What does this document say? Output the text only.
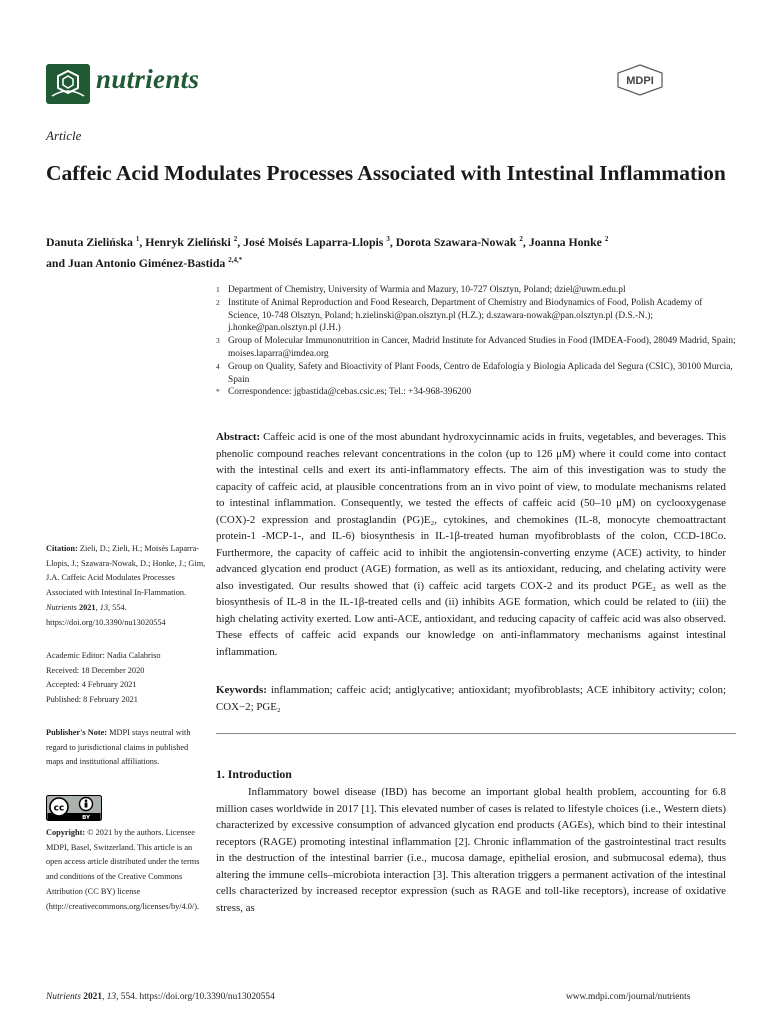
nutrients	MDPI
Article
Caffeic Acid Modulates Processes Associated with Intestinal Inflammation
Danuta Zielińska $^1$, Henryk Zieliński $^2$, José Moisés Laparra-Llopis $^3$, Dorota Szawara-Nowak $^2$, Joanna Honke $^2$
and Juan Antonio Giménez-Bastida $^{2,4,*}$
1 Department of Chemistry, University of Warmia and Mazury, 10-727 Olsztyn, Poland; dziel@uwm.edu.pl
2 Institute of Animal Reproduction and Food Research, Department of Chemistry and Biodynamics of Food, Polish Academy of Science, 10-748 Olsztyn, Poland; h.zielinski@pan.olsztyn.pl (H.Z.); d.szawara-nowak@pan.olsztyn.pl (D.S.-N.); j.honke@pan.olsztyn.pl (J.H.)
3 Group of Molecular Immunonutrition in Cancer, Madrid Institute for Advanced Studies in Food (IMDEA-Food), 28049 Madrid, Spain; moises.laparra@imdea.org
4 Group on Quality, Safety and Bioactivity of Plant Foods, Centro de Edafología y Biología Aplicada del Segura (CSIC), 30100 Murcia, Spain
* Correspondence: jgbastida@cebas.csic.es; Tel.: +34-968-396200
Abstract: Caffeic acid is one of the most abundant hydroxycinnamic acids in fruits, vegetables, and beverages. This phenolic compound reaches relevant concentrations in the colon (up to 126 μM) where it could come into contact with the intestinal cells and exert its anti-inflammatory effects. The aim of this investigation was to study the capacity of caffeic acid, at plausible concentrations from an in vivo point of view, to modulate mechanisms related to intestinal inflammation. Consequently, we tested the effects of caffeic acid (50–10 μM) on cyclooxygenase (COX)-2 expression and prostaglandin (PG)E₂, cytokines, and chemokines (IL-8, monocyte chemoattractant protein-1 -MCP-1-, and IL-6) biosynthesis in IL-1β-treated human myofibroblasts of the colon, CCD-18Co. Furthermore, the capacity of caffeic acid to inhibit the angiotensin-converting enzyme (ACE) activity, to hinder advanced glycation end product (AGE) formation, as well as its antioxidant, reducing, and chelating activity were also investigated. Our results showed that (i) caffeic acid targets COX-2 and its product PGE₂ as well as the biosynthesis of IL-8 in the IL-1β-treated cells and (ii) inhibits AGE formation, which could be related to (iii) the high chelating activity exerted. Low anti-ACE, antioxidant, and reducing capacity of caffeic acid was also observed. These effects of caffeic acid expands our knowledge on anti-inflammatory mechanisms against intestinal inflammation.
Keywords: inflammation; caffeic acid; antiglycative; antioxidant; myofibroblasts; ACE inhibitory activity; colon; COX−2; PGE₂
Citation: Zieli, D.; Zieli, H.; Moisés Laparra-Llopis, J.; Szawara-Nowak, D.; Honke, J.; Gim, J.A. Caffeic Acid Modulates Processes Associated with Intestinal In-Flammation. Nutrients 2021, 13, 554. https://doi.org/10.3390/nu13020554
Academic Editor: Nadia Calabriso
Received: 18 December 2020
Accepted: 4 February 2021
Published: 8 February 2021
Publisher's Note: MDPI stays neutral with regard to jurisdictional claims in published maps and institutional affiliations.
cc
BY
Copyright: © 2021 by the authors. Licensee MDPI, Basel, Switzerland. This article is an open access article distributed under the terms and conditions of the Creative Commons Attribution (CC BY) license (http://creativecommons.org/licenses/by/4.0/).
1. Introduction
Inflammatory bowel disease (IBD) has become an important global health problem, accounting for 6.8 million cases worldwide in 2017 [1]. This elevated number of cases is related to lifestyle choices (i.e., Western diets) characterized by excessive consumption of advanced glycation end products (AGEs), which bind to their intestinal receptors (RAGE) promoting intestinal inflammation [2]. Chronic inflammation of the gastrointestinal tract results in the destruction of the intestinal barrier (i.e., mucosa damage, epithelial erosion, and submucosal edema), thus altering the immune cells–microbiota interaction [3]. This alteration triggers a permanent activation of the intestinal cells characterized by increased receptor expression (such as RAGE and toll-like receptors), increase of oxidative stress, as
Nutrients 2021, 13, 554. https://doi.org/10.3390/nu13020554	www.mdpi.com/journal/nutrients
